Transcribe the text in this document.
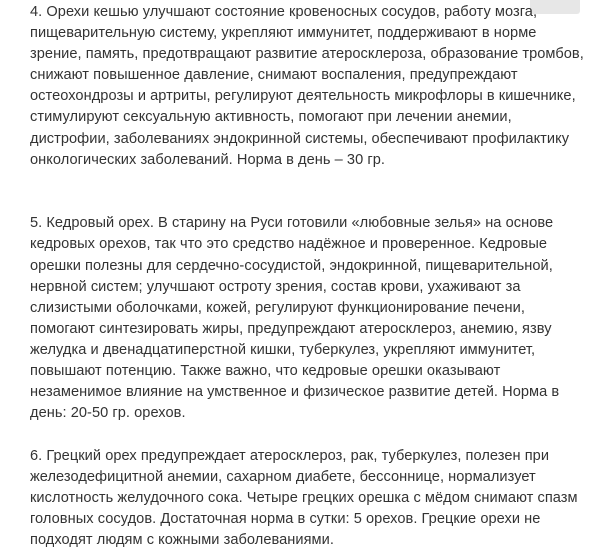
4. Орехи кешью улучшают состояние кровеносных сосудов, работу мозга,
пищеварительную систему, укрепляют иммунитет, поддерживают в норме
зрение, память, предотвращают развитие атеросклероза, образование тромбов,
снижают повышенное давление, снимают воспаления, предупреждают
остеохондрозы и артриты, регулируют деятельность микрофлоры в кишечнике,
стимулируют сексуальную активность, помогают при лечении анемии,
дистрофии, заболеваниях эндокринной системы, обеспечивают профилактику
онкологических заболеваний. Норма в день – 30 гр.

5. Кедровый орех. В старину на Руси готовили «любовные зелья» на основе
кедровых орехов, так что это средство надёжное и проверенное. Кедровые
орешки полезны для сердечно-сосудистой, эндокринной, пищеварительной,
нервной систем; улучшают остроту зрения, состав крови, ухаживают за
слизистыми оболочками, кожей, регулируют функционирование печени,
помогают синтезировать жиры, предупреждают атеросклероз, анемию, язву
желудка и двенадцатиперстной кишки, туберкулез, укрепляют иммунитет,
повышают потенцию. Также важно, что кедровые орешки оказывают
незаменимое влияние на умственное и физическое развитие детей. Норма в
день: 20-50 гр. орехов.

6. Грецкий орех предупреждает атеросклероз, рак, туберкулез, полезен при
железодефицитной анемии, сахарном диабете, бессоннице, нормализует
кислотность желудочного сока. Четыре грецких орешка с мёдом снимают спазм
головных сосудов. Достаточная норма в сутки: 5 орехов. Грецкие орехи не
подходят людям с кожными заболеваниями.
